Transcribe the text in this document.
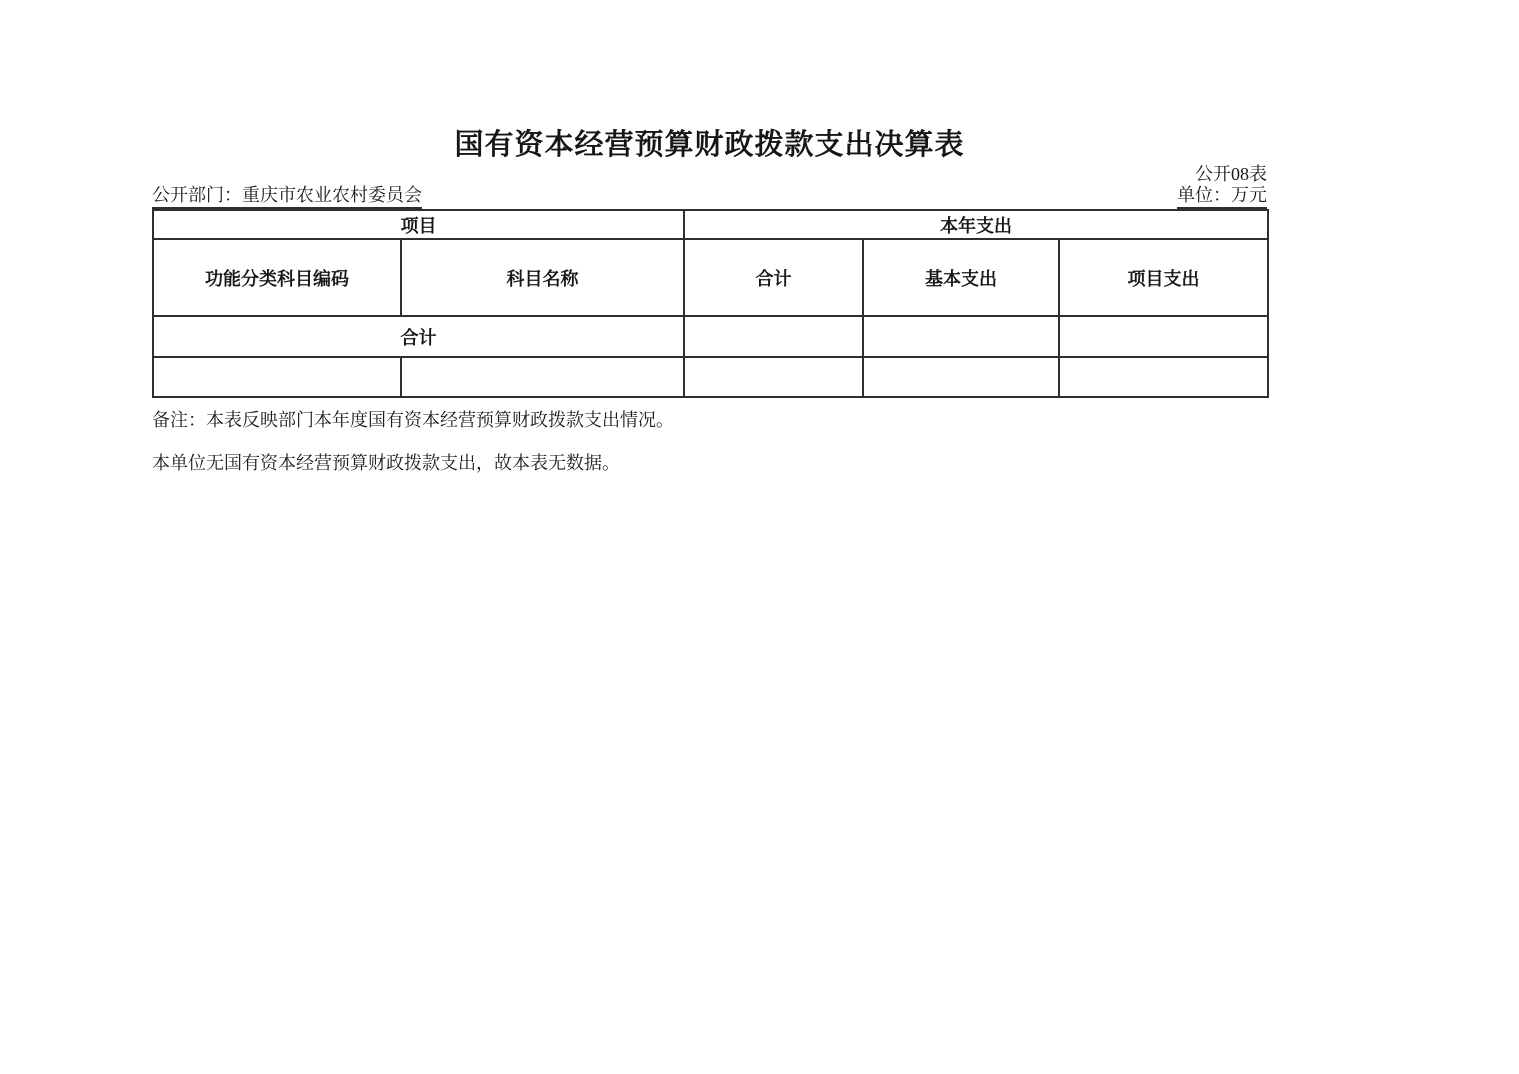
国有资本经营预算财政拨款支出决算表
公开08表
公开部门：重庆市农业农村委员会	单位：万元
项目		本年支出		
功能分类科目编码	科目名称	合计	基本支出	项目支出
合计				

备注：本表反映部门本年度国有资本经营预算财政拨款支出情况。

本单位无国有资本经营预算财政拨款支出，故本表无数据。
